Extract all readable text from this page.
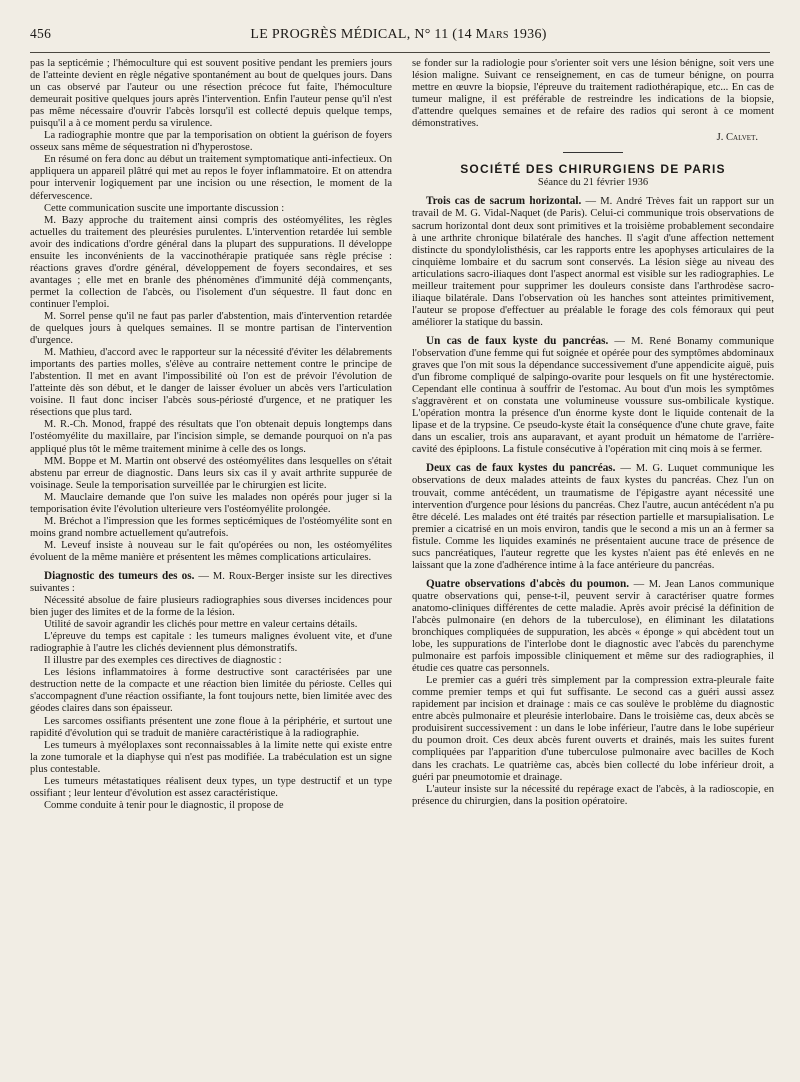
456	LE PROGRÈS MÉDICAL, N° 11 (14 Mars 1936)

pas la septicémie ; l'hémoculture qui est souvent positive pendant les premiers jours de l'atteinte devient en règle négative spontanément au bout de quelques jours. Dans un cas observé par l'auteur ou une résection précoce fut faite, l'hémoculture demeurait positive quelques jours après l'intervention. Enfin l'auteur pense qu'il n'est pas même nécessaire d'ouvrir l'abcès lorsqu'il est collecté depuis quelque temps, puisqu'il a à ce moment perdu sa virulence.

La radiographie montre que par la temporisation on obtient la guérison de foyers osseux sans même de séquestration ni d'hyperostose.

En résumé on fera donc au début un traitement symptomatique anti-infectieux. On appliquera un appareil plâtré qui met au repos le foyer inflammatoire. Et on attendra pour intervenir logiquement par une incision ou une résection, le moment de la défervescence.

Cette communication suscite une importante discussion :

M. Bazy approche du traitement ainsi compris des ostéomyélites, les règles actuelles du traitement des pleurésies purulentes. L'intervention retardée lui semble avoir des indications d'ordre général dans la plupart des suppurations. Il développe ensuite les inconvénients de la vaccinothérapie pratiquée sans règle précise : réactions graves d'ordre général, développement de foyers secondaires, et ses avantages ; elle met en branle des phénomènes d'immunité déjà commençants, permet la collection de l'abcès, ou l'isolement d'un séquestre. Il faut donc en continuer l'emploi.

M. Sorrel pense qu'il ne faut pas parler d'abstention, mais d'intervention retardée de quelques jours à quelques semaines. Il se montre partisan de l'intervention d'urgence.

M. Mathieu, d'accord avec le rapporteur sur la nécessité d'éviter les délabrements importants des parties molles, s'élève au contraire nettement contre le principe de l'abstention. Il met en avant l'impossibilité où l'on est de prévoir l'évolution de l'atteinte dès son début, et le danger de laisser évoluer un abcès vers l'articulation voisine. Il faut donc inciser l'abcès sous-périosté d'urgence, et ne pratiquer les résections que plus tard.

M. R.-Ch. Monod, frappé des résultats que l'on obtenait depuis longtemps dans l'ostéomyélite du maxillaire, par l'incision simple, se demande pourquoi on n'a pas appliqué plus tôt le même traitement minime à celle des os longs.

MM. Boppe et M. Martin ont observé des ostéomyélites dans lesquelles on s'était abstenu par erreur de diagnostic. Dans leurs six cas il y avait arthrite suppurée de voisinage. Seule la temporisation surveillée par le chirurgien est licite.

M. Mauclaire demande que l'on suive les malades non opérés pour juger si la temporisation évite l'évolution ulterieure vers l'ostéomyélite prolongée.

M. Bréchot a l'impression que les formes septicémiques de l'ostéomyélite sont en moins grand nombre actuellement qu'autrefois.

M. Leveuf insiste à nouveau sur le fait qu'opérées ou non, les ostéomyélites évoluent de la même manière et présentent les mêmes complications articulaires.

Diagnostic des tumeurs des os. — M. Roux-Berger insiste sur les directives suivantes :

Nécessité absolue de faire plusieurs radiographies sous diverses incidences pour bien juger des limites et de la forme de la lésion.

Utilité de savoir agrandir les clichés pour mettre en valeur certains détails.

L'épreuve du temps est capitale : les tumeurs malignes évoluent vite, et d'une radiographie à l'autre les clichés deviennent plus démonstratifs.

Il illustre par des exemples ces directives de diagnostic :

Les lésions inflammatoires à forme destructive sont caractérisées par une destruction nette de la compacte et une réaction bien limitée du périoste. Celles qui s'accompagnent d'une réaction ossifiante, la font toujours nette, bien limitée avec des géodes claires dans son épaisseur.

Les sarcomes ossifiants présentent une zone floue à la périphérie, et surtout une rapidité d'évolution qui se traduit de manière caractéristique à la radiographie.

Les tumeurs à myéloplaxes sont reconnaissables à la limite nette qui existe entre la zone tumorale et la diaphyse qui n'est pas modifiée. La trabéculation est un signe plus contestable.

Les tumeurs métastatiques réalisent deux types, un type destructif et un type ossifiant ; leur lenteur d'évolution est assez caractéristique.

Comme conduite à tenir pour le diagnostic, il propose de

se fonder sur la radiologie pour s'orienter soit vers une lésion bénigne, soit vers une lésion maligne. Suivant ce renseignement, en cas de tumeur bénigne, on pourra mettre en œuvre la biopsie, l'épreuve du traitement radiothérapique, etc... En cas de tumeur maligne, il est préférable de restreindre les indications de la biopsie, d'attendre quelques semaines et de refaire des radios qui seront à ce moment démonstratives.

J. Calvet.
SOCIÉTÉ DES CHIRURGIENS DE PARIS
Séance du 21 février 1936

Trois cas de sacrum horizontal. — M. André Trèves fait un rapport sur un travail de M. G. Vidal-Naquet (de Paris). Celui-ci communique trois observations de sacrum horizontal dont deux sont primitives et la troisième probablement secondaire à une arthrite chronique bilatérale des hanches. Il s'agit d'une affection nettement distincte du spondylolisthésis, car les rapports entre les apophyses articulaires de la cinquième lombaire et du sacrum sont conservés. La lésion siège au niveau des articulations sacro-iliaques dont l'aspect anormal est visible sur les radiographies. Le meilleur traitement pour supprimer les douleurs consiste dans l'arthrodèse sacro-iliaque bilatérale. Dans l'observation où les hanches sont atteintes primitivement, l'auteur se propose d'effectuer au préalable le forage des cols fémoraux qui peut améliorer la statique du bassin.

Un cas de faux kyste du pancréas. — M. René Bonamy communique l'observation d'une femme qui fut soignée et opérée pour des symptômes abdominaux graves que l'on mit sous la dépendance successivement d'une appendicite aiguë, puis d'un fibrome compliqué de salpingo-ovarite pour lesquels on fit une hystérectomie. Cependant elle continua à souffrir de l'estomac. Au bout d'un mois les symptômes s'aggravèrent et on constata une volumineuse voussure sus-ombilicale kystique. L'opération montra la présence d'un énorme kyste dont le liquide contenait de la lipase et de la trypsine. Ce pseudo-kyste était la conséquence d'une chute grave, faite dans un escalier, trois ans auparavant, et ayant produit un hématome de l'arrière-cavité des épiploons. La fistule consécutive à l'opération mit cinq mois à se fermer.

Deux cas de faux kystes du pancréas. — M. G. Luquet communique les observations de deux malades atteints de faux kystes du pancréas. Chez l'un on trouvait, comme antécédent, un traumatisme de l'épigastre ayant nécessité une intervention d'urgence pour lésions du pancréas. Chez l'autre, aucun antécédent n'a pu être décelé. Les malades ont été traités par résection partielle et marsupialisation. Le premier a cicatrisé en un mois environ, tandis que le second a mis un an à fermer sa fistule. Comme les liquides examinés ne présentaient aucune trace de présence de sucs pancréatiques, l'auteur regrette que les kystes n'aient pas été enlevés en ne laissant que la zone d'adhérence intime à la face antérieure du pancréas.

Quatre observations d'abcès du poumon. — M. Jean Lanos communique quatre observations qui, pense-t-il, peuvent servir à caractériser quatre formes anatomo-cliniques différentes de cette maladie. Après avoir précisé la définition de l'abcès pulmonaire (en dehors de la tuberculose), en éliminant les dilatations bronchiques compliquées de suppuration, les abcès « éponge » qui abcèdent tout un lobe, les suppurations de l'interlobe dont le diagnostic avec l'abcès du parenchyme pulmonaire est parfois impossible cliniquement et même sur des radiographies, il étudie ces quatre cas personnels.

Le premier cas a guéri très simplement par la compression extra-pleurale faite comme premier temps et qui fut suffisante. Le second cas a guéri aussi assez rapidement par incision et drainage : mais ce cas soulève le problème du diagnostic entre abcès pulmonaire et pleurésie interlobaire. Dans le troisième cas, deux abcès se produisirent successivement : un dans le lobe inférieur, l'autre dans le lobe supérieur du poumon droit. Ces deux abcès furent ouverts et drainés, mais les suites furent compliquées par l'apparition d'une tuberculose pulmonaire avec bacilles de Koch dans les crachats. Le quatrième cas, abcès bien collecté du lobe inférieur droit, a guéri par pneumotomie et drainage.

L'auteur insiste sur la nécessité du repérage exact de l'abcès, à la radioscopie, en présence du chirurgien, dans la position opératoire.
